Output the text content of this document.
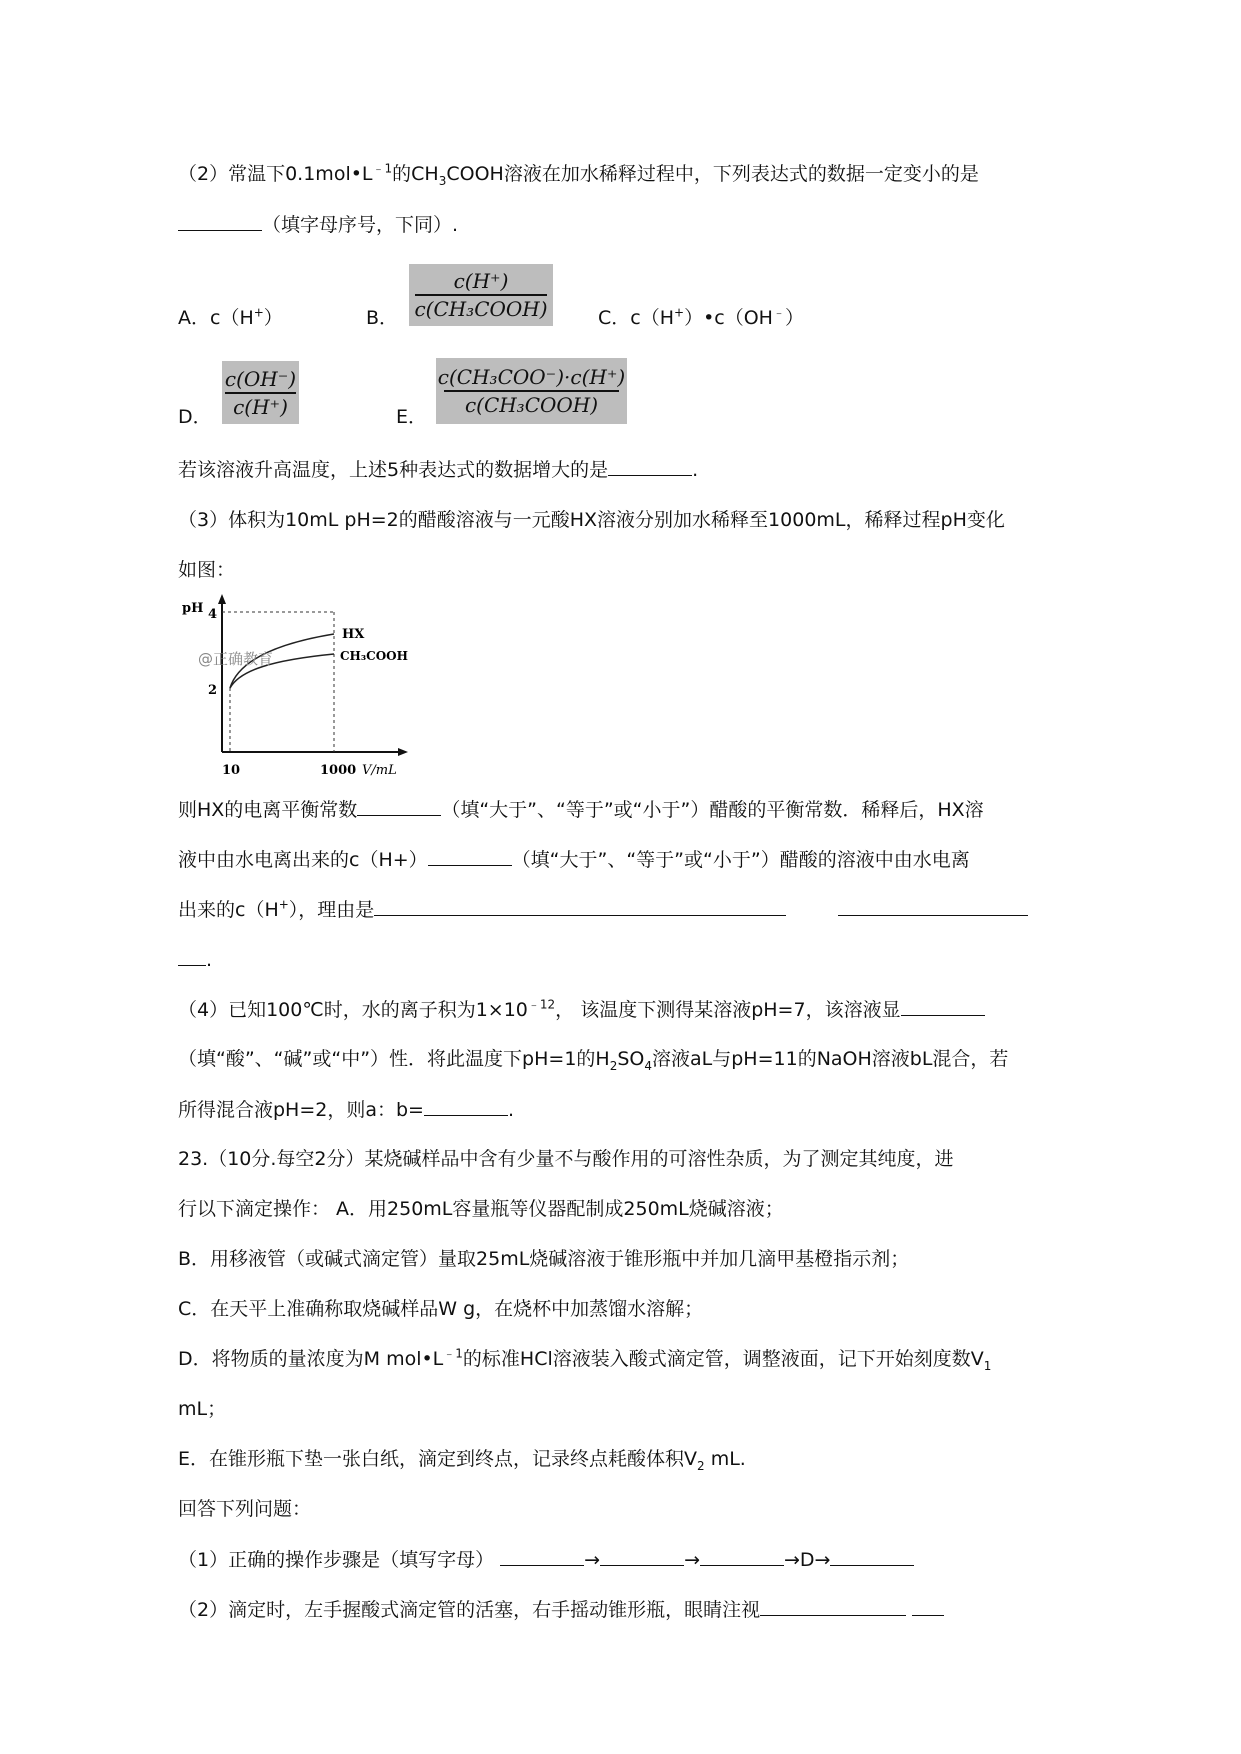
（2）常温下$0.1mol•L^{﹣1}$的$CH_3COOH$溶液在加水稀释过程中，下列表达式的数据一定变小的是
（填字母序号，下同）.
A．c（H+）	B．
c(H⁺)
c(CH₃COOH)	C．c（H+）•c（OH﹣）
D．
c(OH⁻)
c(H⁺)	E．
c(CH₃COO⁻)·c(H⁺)
c(CH₃COOH)
若该溶液升高温度，上述5种表达式的数据增大的是	.
（3）体积为10mL pH=2的醋酸溶液与一元酸HX溶液分别加水稀释至1000mL，稀释过程pH变化
如图：
pH 4
2
HX
CH₃COOH
@正确教育
10	1000 V/mL
则HX的电离平衡常数	（填“大于”、“等于”或“小于”）醋酸的平衡常数．稀释后，HX溶
液中由水电离出来的c（H+）	（填“大于”、“等于”或“小于”）醋酸的溶液中由水电离
出来的c（H+），理由是
.
（4）已知100℃时，水的离子积为$1\times 10^{﹣12}$， 该温度下测得某溶液pH=7，该溶液显
（填“酸”、“碱”或“中”）性．将此温度下pH=1的$H_2SO_4$溶液aL与pH=11的NaOH溶液bL混合，若
所得混合液pH=2，则a：b=	.
23.（10分.每空2分）某烧碱样品中含有少量不与酸作用的可溶性杂质，为了测定其纯度，进
行以下滴定操作： A．用250mL容量瓶等仪器配制成250mL烧碱溶液；
B．用移液管（或碱式滴定管）量取25mL烧碱溶液于锥形瓶中并加几滴甲基橙指示剂；
C．在天平上准确称取烧碱样品W g，在烧杯中加蒸馏水溶解；
D．将物质的量浓度为M $mol•L^{﹣1}$的标准HCl溶液装入酸式滴定管，调整液面，记下开始刻度数$V_1$
mL；
E．在锥形瓶下垫一张白纸，滴定到终点，记录终点耗酸体积$V_2$ mL.
回答下列问题：
（1）正确的操作步骤是（填写字母）	→	→	→D→
（2）滴定时，左手握酸式滴定管的活塞，右手摇动锥形瓶，眼睛注视
